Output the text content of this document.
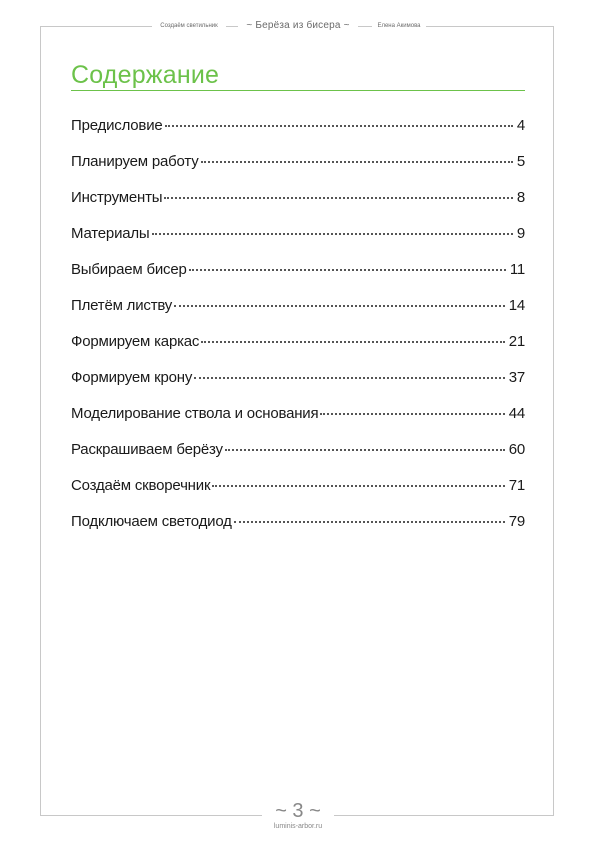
Создаём светильник	~ Берёза из бисера ~	Елена Акимова
Содержание
Предисловие	4
Планируем работу	5
Инструменты	8
Материалы	9
Выбираем бисер	11
Плетём листву	14
Формируем каркас	21
Формируем крону	37
Моделирование ствола и основания	44
Раскрашиваем берёзу	60
Создаём скворечник	71
Подключаем светодиод	79
~ 3 ~
luminis-arbor.ru
